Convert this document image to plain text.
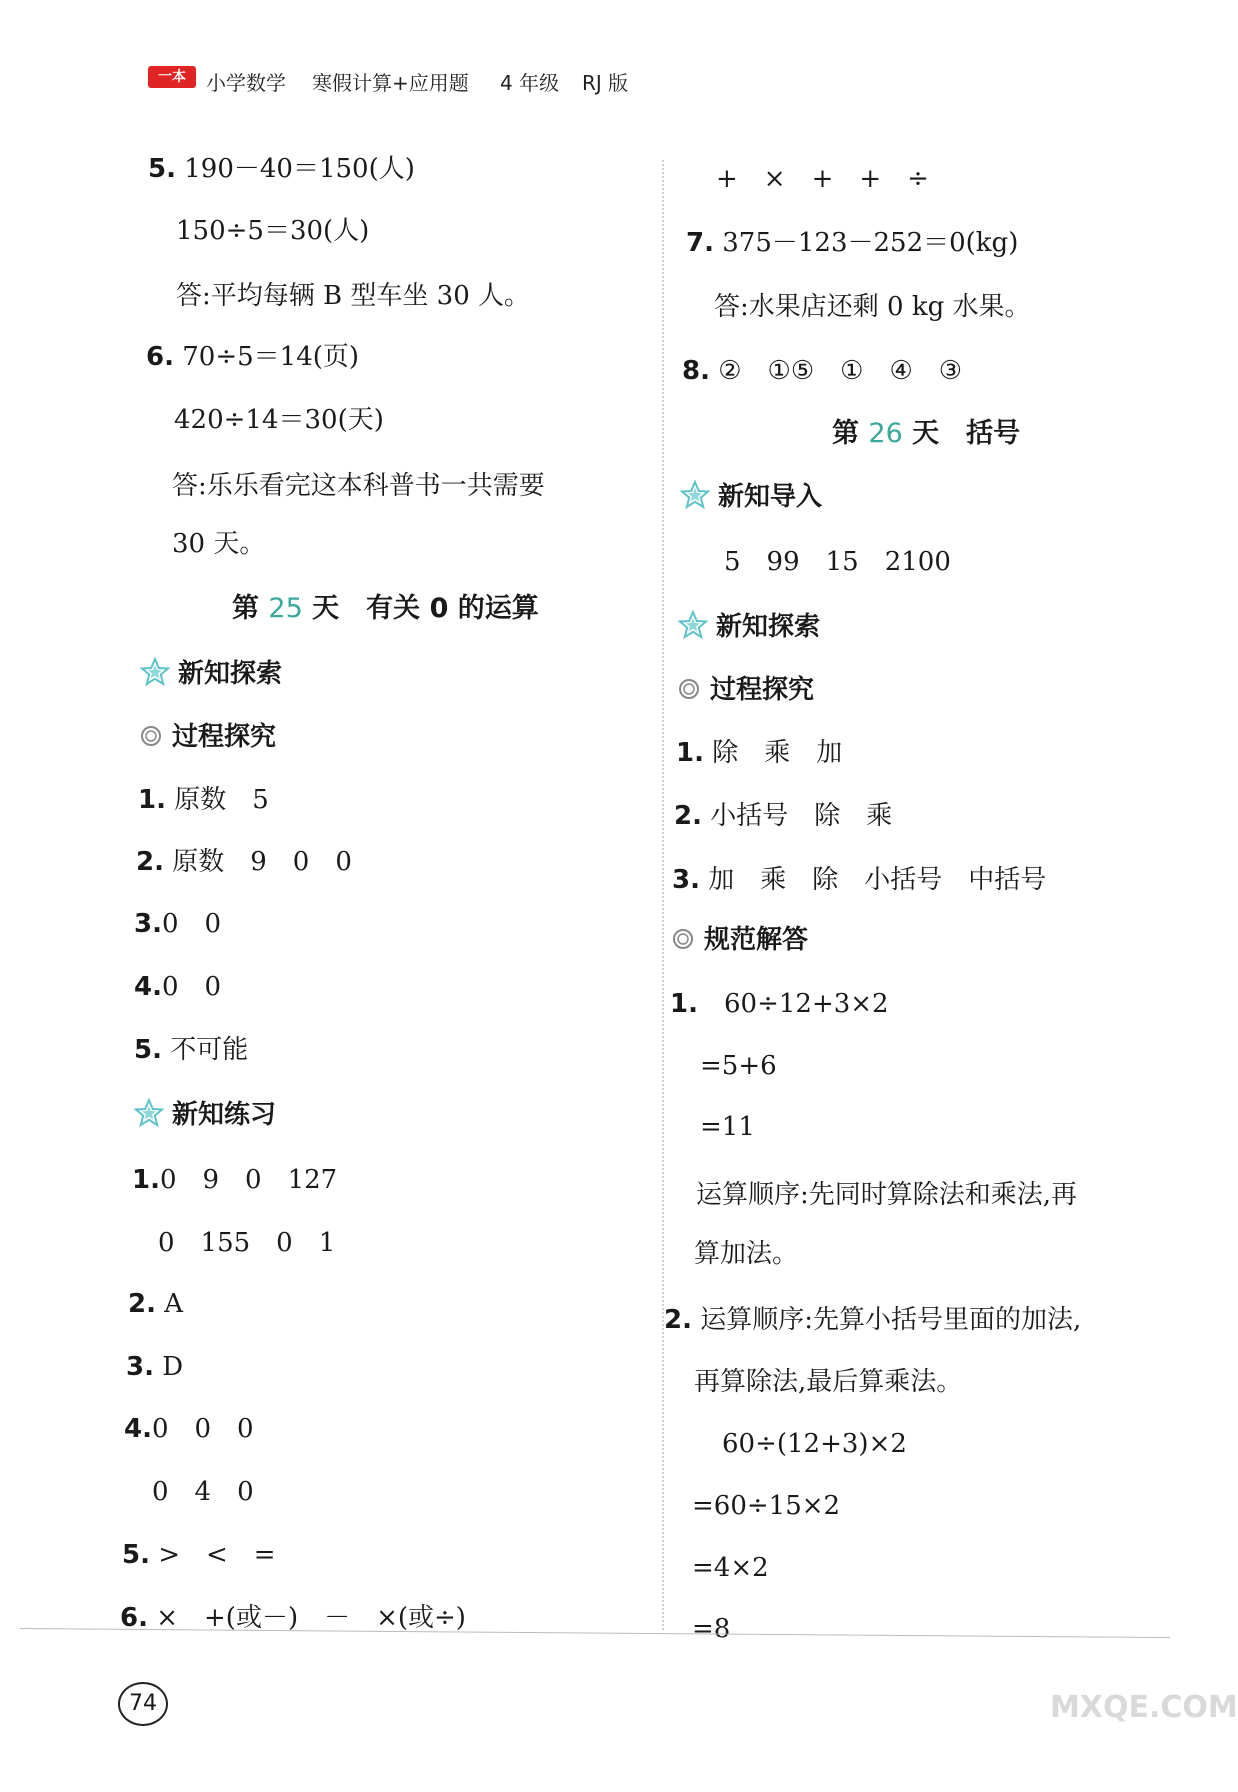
一本	小学数学 寒假计算+应用题 4 年级 RJ 版
5. 190－40＝150(人)
150÷5＝30(人)
答:平均每辆 B 型车坐 30 人。
6. 70÷5＝14(页)
420÷14＝30(天)
答:乐乐看完这本科普书一共需要
30 天。
第 25 天　 有关 0 的运算
新知探索
过程探究
1. 原数　5
2. 原数　9　0　0
3.0　0
4.0　0
5. 不可能
新知练习
1.0　9　0　127
0　155　0　1
2. A
3. D
4.0　0　0
0　4　0
5. >　<　=
6. ×　+(或－)　－　×(或÷)
+　×　+　+　÷
7. 375－123－252＝0(kg)
答:水果店还剩 0 kg 水果。
8. ②　①⑤　①　④　③
第 26 天　 括号
新知导入
5　99　15　2100
新知探索
过程探究
1. 除　乘　加
2. 小括号　除　乘
3. 加　乘　除　小括号　中括号
规范解答
1.　 60÷12+3×2
=5+6
=11
运算顺序:先同时算除法和乘法,再
算加法。
2. 运算顺序:先算小括号里面的加法,
再算除法,最后算乘法。
60÷(12+3)×2
=60÷15×2
=4×2
=8
74	MXQE.COM
